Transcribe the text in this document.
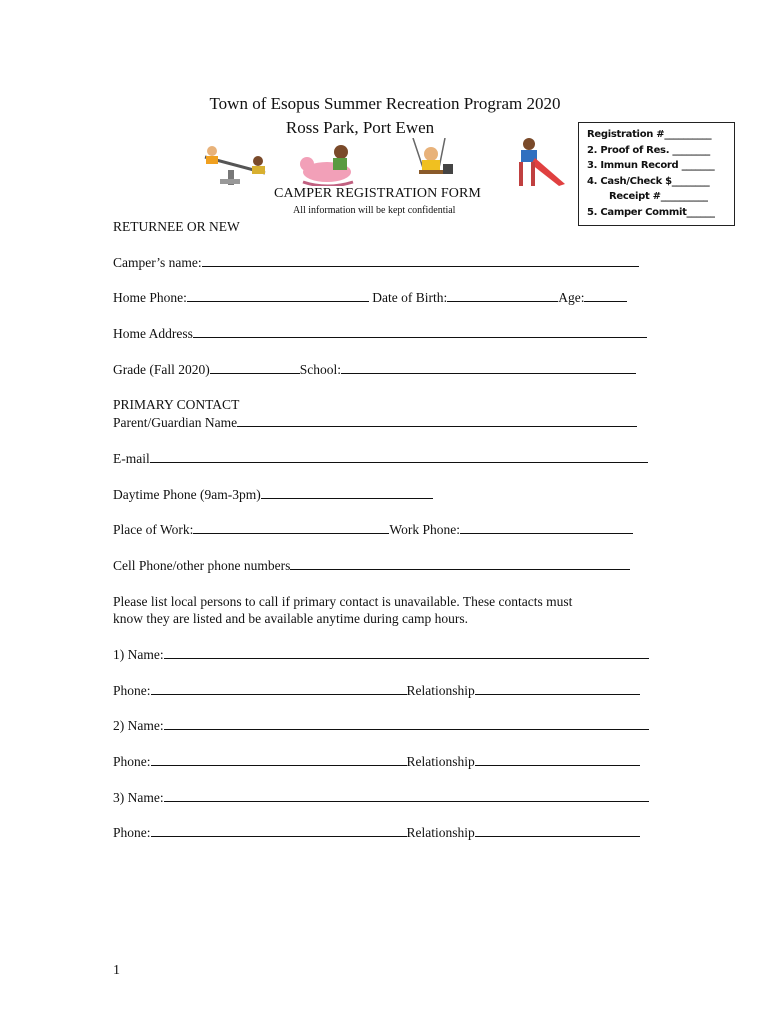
Town of Esopus Summer Recreation Program 2020
Ross Park, Port Ewen
CAMPER REGISTRATION FORM
All information will be kept confidential
Registration #__________
2. Proof of Res. ________
3. Immun Record _______
4. Cash/Check $________
Receipt #__________
5. Camper Commit______
RETURNEE OR NEW
Camper’s name:
Home Phone:	Date of Birth:	Age:
Home Address
Grade (Fall 2020)	School:
PRIMARY CONTACT
Parent/Guardian Name
E-mail
Daytime Phone (9am-3pm)
Place of Work:	Work Phone:
Cell Phone/other phone numbers
Please list local persons to call if primary contact is unavailable. These contacts must
know they are listed and be available anytime during camp hours.
1) Name:
Phone:	Relationship
2) Name:
Phone:	Relationship
3) Name:
Phone:	Relationship
1
